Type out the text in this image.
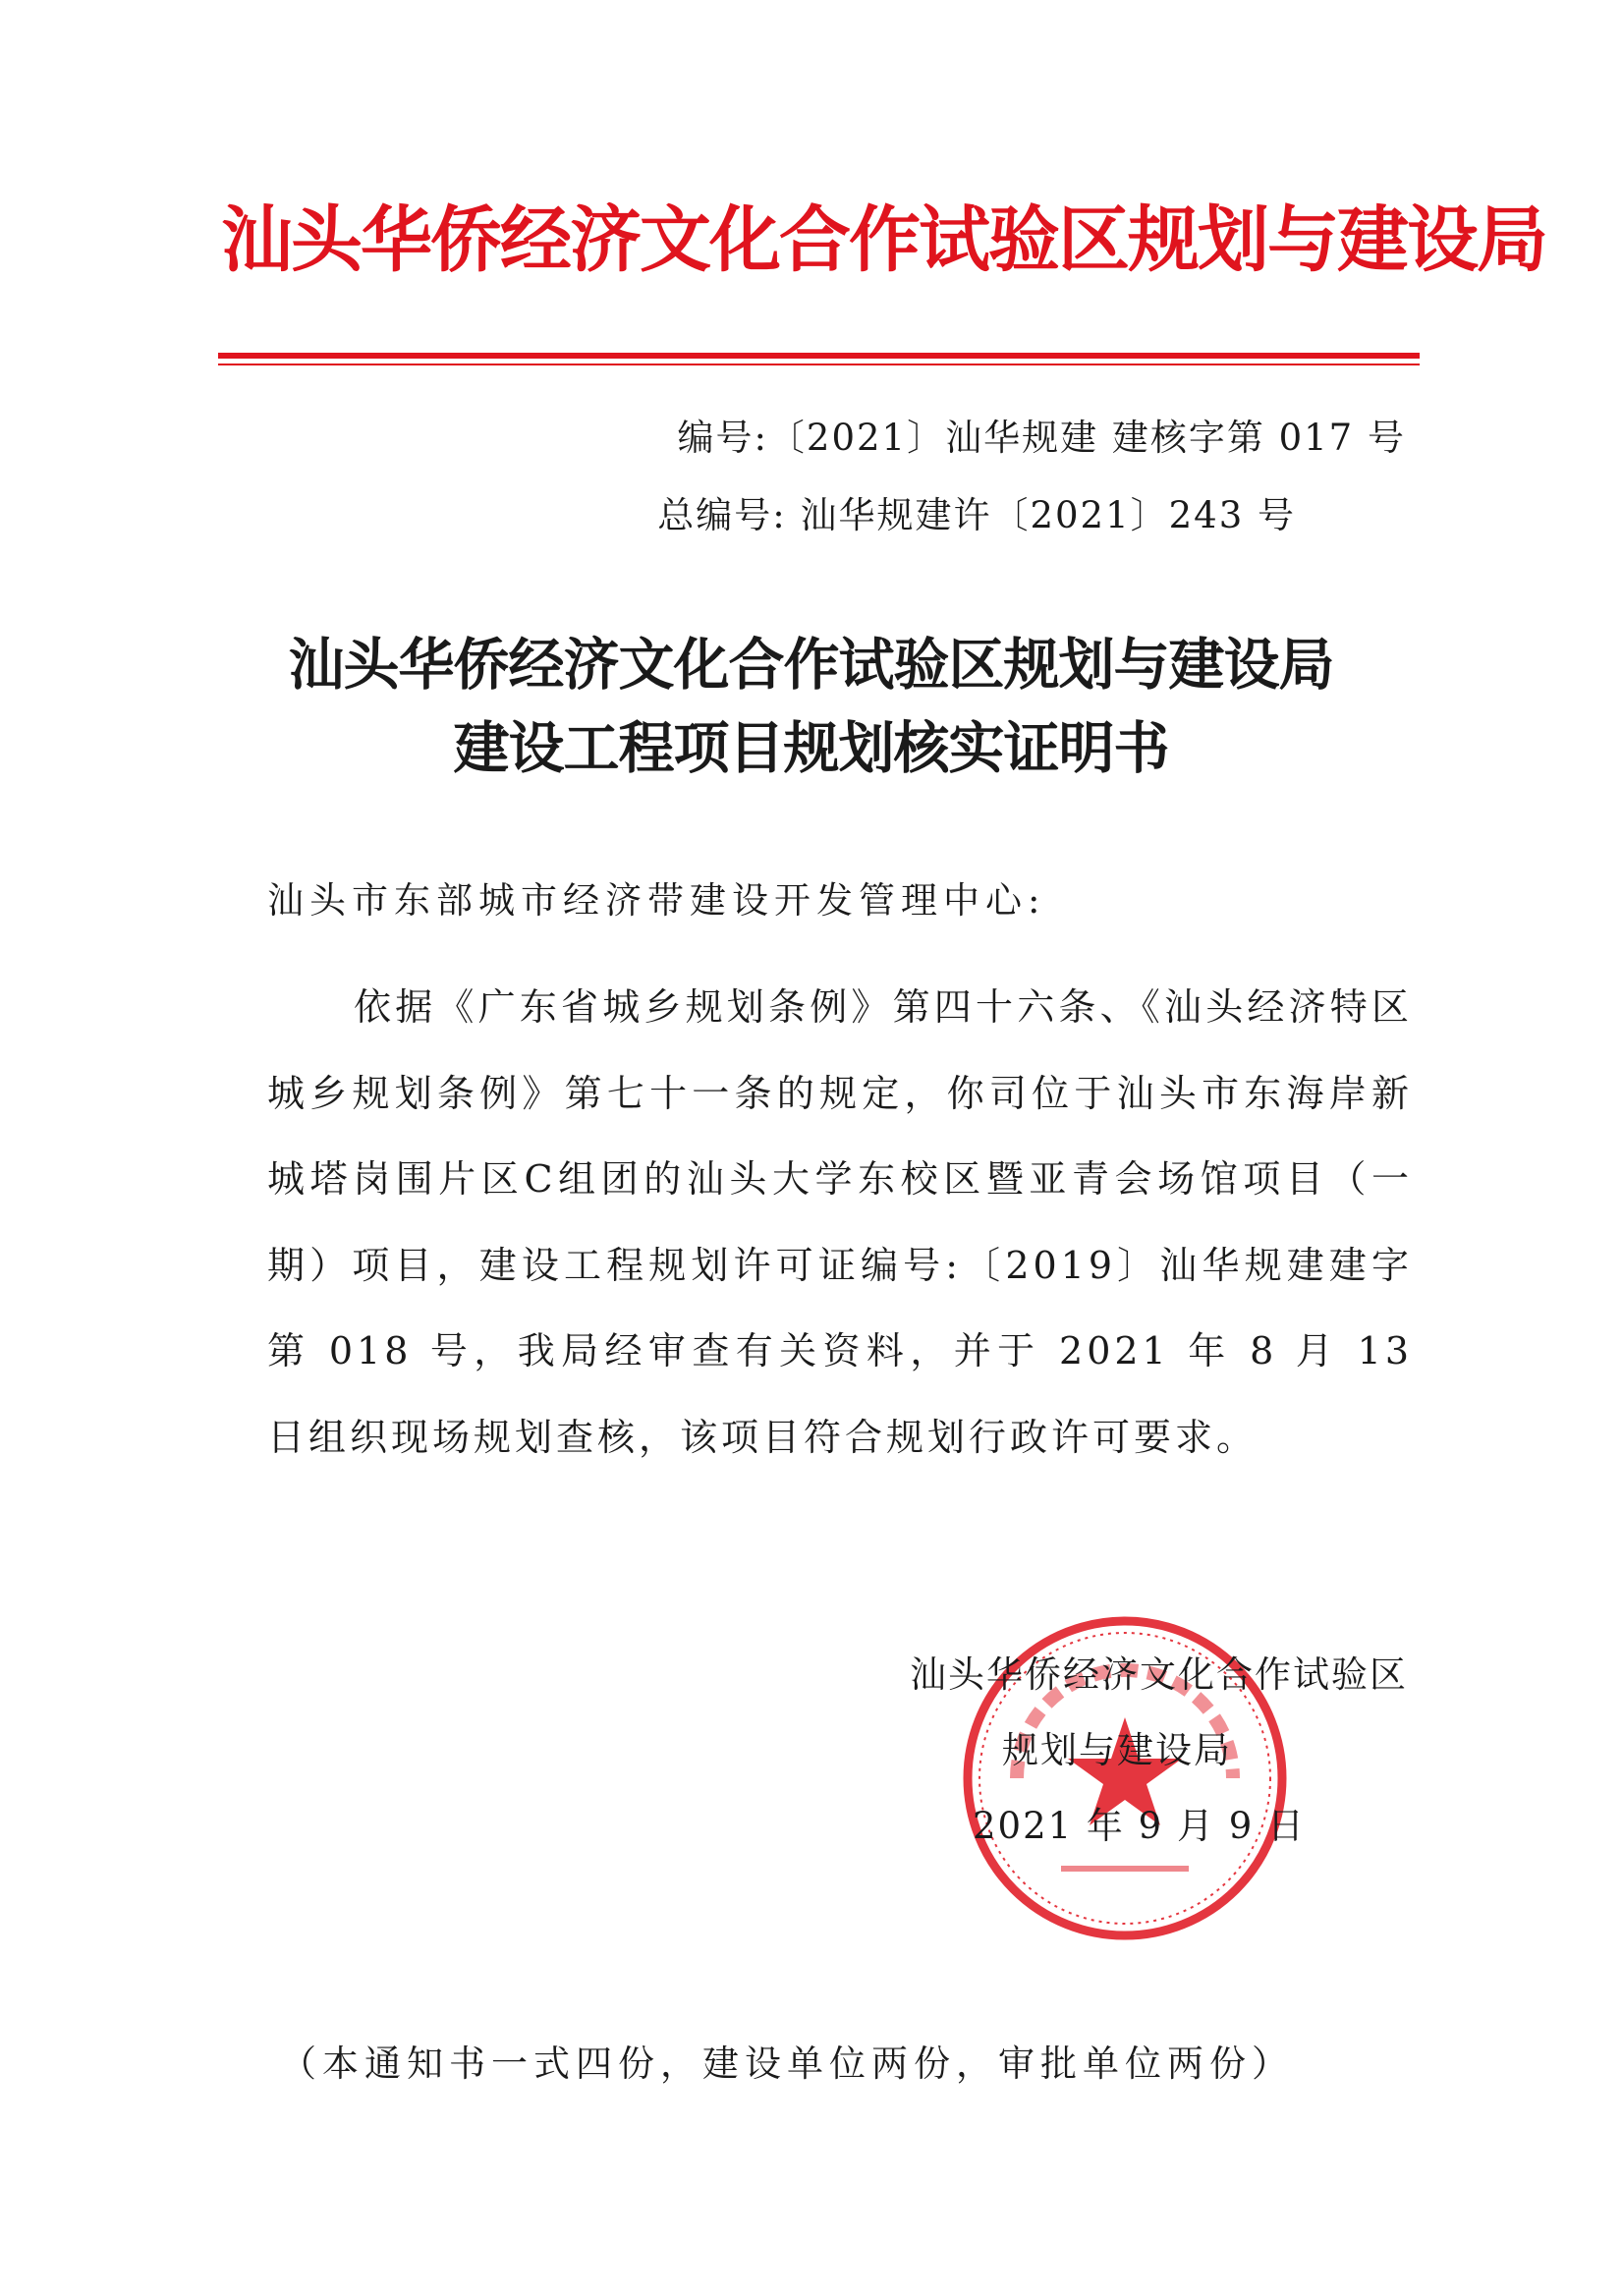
汕头华侨经济文化合作试验区规划与建设局
编号:〔2021〕汕华规建 建核字第 017 号
总编号: 汕华规建许〔2021〕243 号
汕头华侨经济文化合作试验区规划与建设局
建设工程项目规划核实证明书
汕头市东部城市经济带建设开发管理中心:
依据《广东省城乡规划条例》第四十六条、《汕头经济特区城乡规划条例》第七十一条的规定，你司位于汕头市东海岸新城塔岗围片区C组团的汕头大学东校区暨亚青会场馆项目（一期）项目，建设工程规划许可证编号:〔2019〕汕华规建建字第 018 号，我局经审查有关资料，并于 2021 年 8 月 13 日组织现场规划查核，该项目符合规划行政许可要求。
汕头华侨经济文化合作试验区
规划与建设局
2021 年 9 月 9 日
（本通知书一式四份，建设单位两份，审批单位两份）
